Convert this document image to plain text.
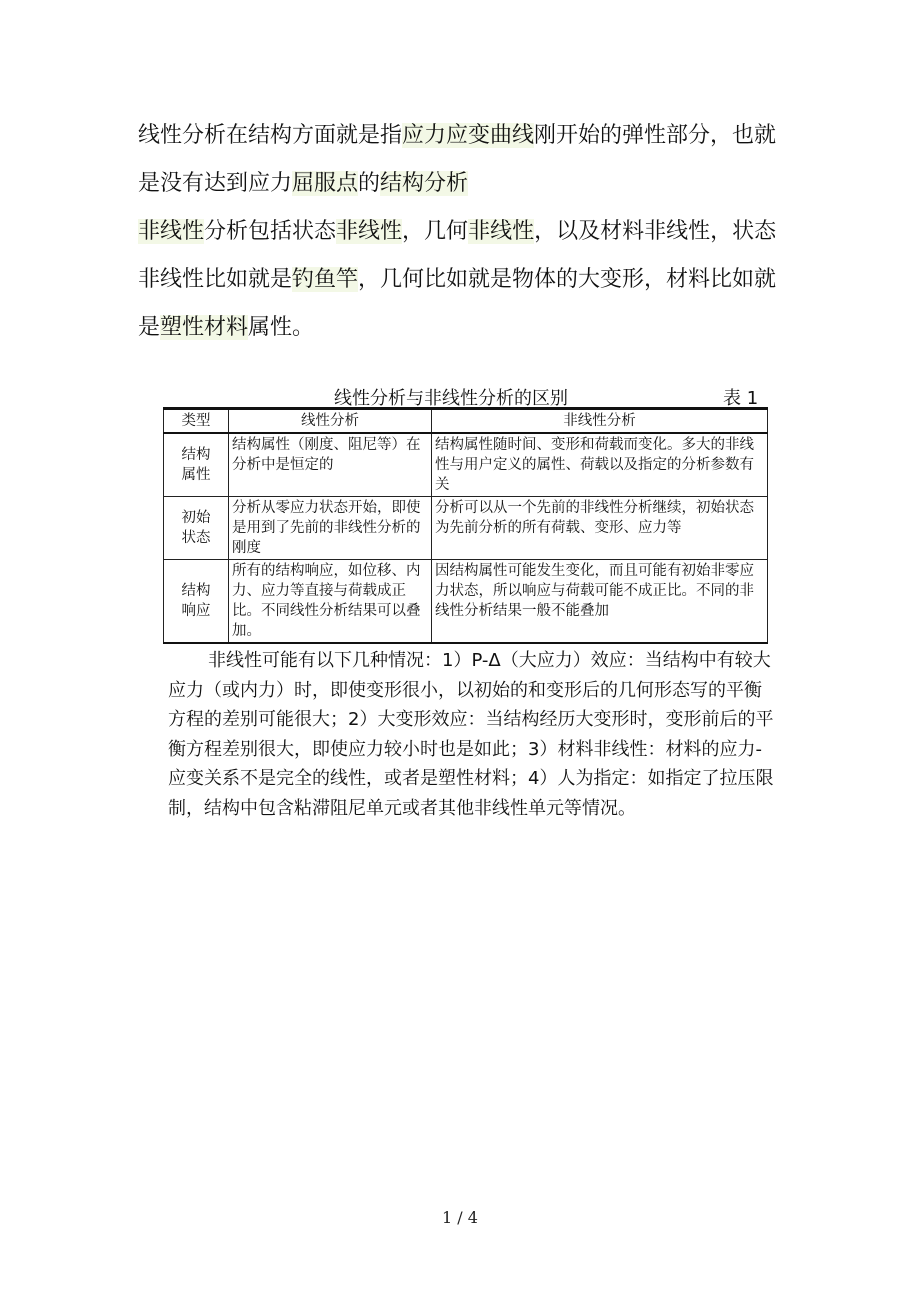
线性分析在结构方面就是指应力应变曲线刚开始的弹性部分，也就是没有达到应力屈服点的结构分析

非线性分析包括状态非线性，几何非线性，以及材料非线性，状态非线性比如就是钓鱼竿，几何比如就是物体的大变形，材料比如就是塑性材料属性。

线性分析与非线性分析的区别	表 1
类型	线性分析	非线性分析
结构
属性	结构属性（刚度、阻尼等）在分析中是恒定的	结构属性随时间、变形和荷载而变化。多大的非线性与用户定义的属性、荷载以及指定的分析参数有关
初始
状态	分析从零应力状态开始，即使是用到了先前的非线性分析的刚度	分析可以从一个先前的非线性分析继续，初始状态为先前分析的所有荷载、变形、应力等
结构
响应	所有的结构响应，如位移、内力、应力等直接与荷载成正比。不同线性分析结果可以叠加。	因结构属性可能发生变化，而且可能有初始非零应力状态，所以响应与荷载可能不成正比。不同的非线性分析结果一般不能叠加

非线性可能有以下几种情况：1）P-Δ（大应力）效应：当结构中有较大应力（或内力）时，即使变形很小，以初始的和变形后的几何形态写的平衡方程的差别可能很大；2）大变形效应：当结构经历大变形时，变形前后的平衡方程差别很大，即使应力较小时也是如此；3）材料非线性：材料的应力-应变关系不是完全的线性，或者是塑性材料；4）人为指定：如指定了拉压限制，结构中包含粘滞阻尼单元或者其他非线性单元等情况。

1 / 4
